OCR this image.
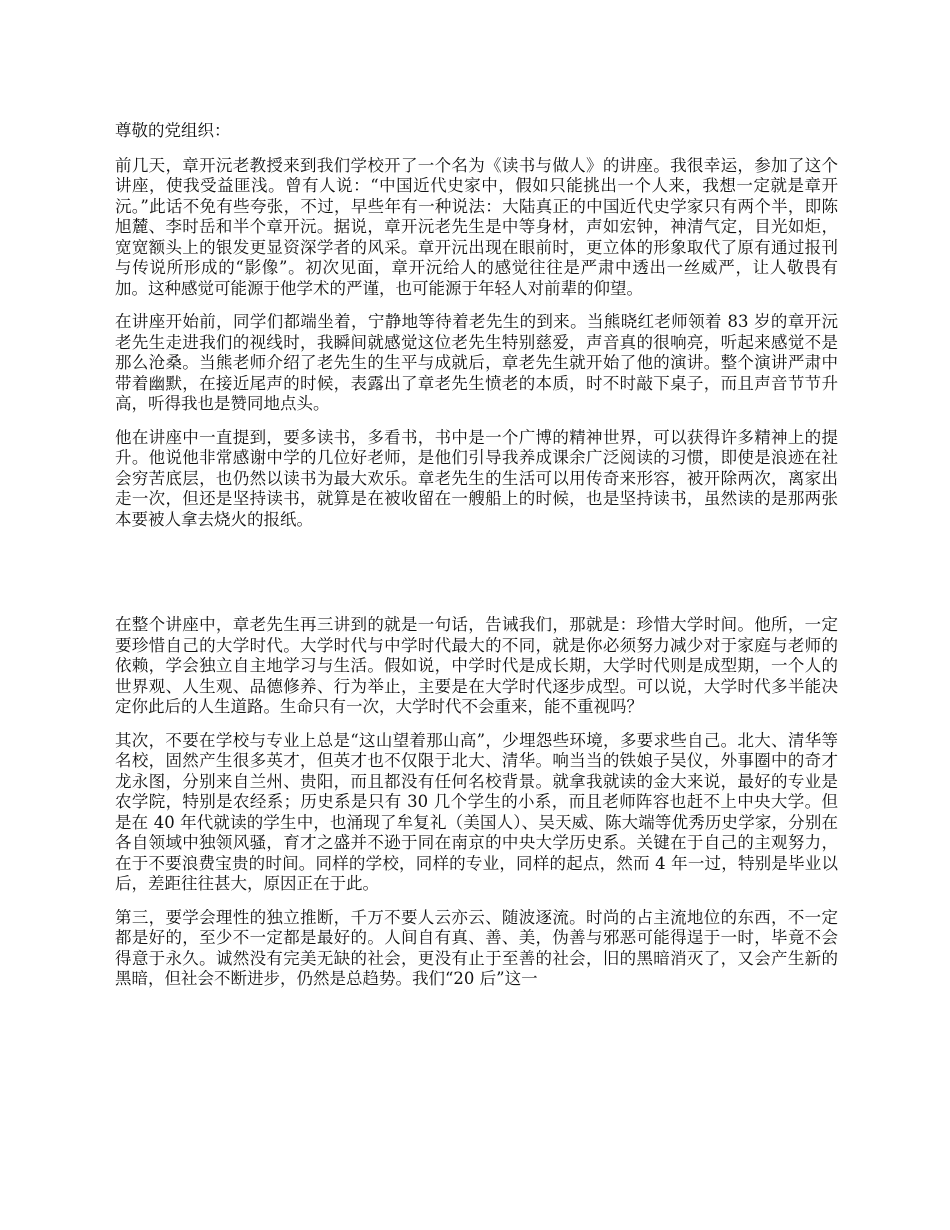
尊敬的党组织：

前几天，章开沅老教授来到我们学校开了一个名为《读书与做人》的讲座。我很幸运，参加了这个讲座，使我受益匪浅。曾有人说：“中国近代史家中，假如只能挑出一个人来，我想一定就是章开沅。”此话不免有些夸张，不过，早些年有一种说法：大陆真正的中国近代史学家只有两个半，即陈旭麓、李时岳和半个章开沅。据说，章开沅老先生是中等身材，声如宏钟，神清气定，目光如炬，宽宽额头上的银发更显资深学者的风采。章开沅出现在眼前时，更立体的形象取代了原有通过报刊与传说所形成的“影像”。初次见面，章开沅给人的感觉往往是严肃中透出一丝威严，让人敬畏有加。这种感觉可能源于他学术的严谨，也可能源于年轻人对前辈的仰望。

在讲座开始前，同学们都端坐着，宁静地等待着老先生的到来。当熊晓红老师领着 83 岁的章开沅老先生走进我们的视线时，我瞬间就感觉这位老先生特别慈爱，声音真的很响亮，听起来感觉不是那么沧桑。当熊老师介绍了老先生的生平与成就后，章老先生就开始了他的演讲。整个演讲严肃中带着幽默，在接近尾声的时候，表露出了章老先生愤老的本质，时不时敲下桌子，而且声音节节升高，听得我也是赞同地点头。

他在讲座中一直提到，要多读书，多看书，书中是一个广博的精神世界，可以获得许多精神上的提升。他说他非常感谢中学的几位好老师，是他们引导我养成课余广泛阅读的习惯，即使是浪迹在社会穷苦底层，也仍然以读书为最大欢乐。章老先生的生活可以用传奇来形容，被开除两次，离家出走一次，但还是坚持读书，就算是在被收留在一艘船上的时候，也是坚持读书，虽然读的是那两张本要被人拿去烧火的报纸。

在整个讲座中，章老先生再三讲到的就是一句话，告诫我们，那就是：珍惜大学时间。他所，一定要珍惜自己的大学时代。大学时代与中学时代最大的不同，就是你必须努力减少对于家庭与老师的依赖，学会独立自主地学习与生活。假如说，中学时代是成长期，大学时代则是成型期，一个人的世界观、人生观、品德修养、行为举止，主要是在大学时代逐步成型。可以说，大学时代多半能决定你此后的人生道路。生命只有一次，大学时代不会重来，能不重视吗？

其次，不要在学校与专业上总是“这山望着那山高”，少埋怨些环境，多要求些自己。北大、清华等名校，固然产生很多英才，但英才也不仅限于北大、清华。响当当的铁娘子吴仪，外事圈中的奇才龙永图，分别来自兰州、贵阳，而且都没有任何名校背景。就拿我就读的金大来说，最好的专业是农学院，特别是农经系；历史系是只有 30 几个学生的小系，而且老师阵容也赶不上中央大学。但是在 40 年代就读的学生中，也涌现了牟复礼（美国人）、吴天威、陈大端等优秀历史学家，分别在各自领域中独领风骚，育才之盛并不逊于同在南京的中央大学历史系。关键在于自己的主观努力，在于不要浪费宝贵的时间。同样的学校，同样的专业，同样的起点，然而 4 年一过，特别是毕业以后，差距往往甚大，原因正在于此。

第三，要学会理性的独立推断，千万不要人云亦云、随波逐流。时尚的占主流地位的东西，不一定都是好的，至少不一定都是最好的。人间自有真、善、美，伪善与邪恶可能得逞于一时，毕竟不会得意于永久。诚然没有完美无缺的社会，更没有止于至善的社会，旧的黑暗消灭了，又会产生新的黑暗，但社会不断进步，仍然是总趋势。我们“20 后”这一
